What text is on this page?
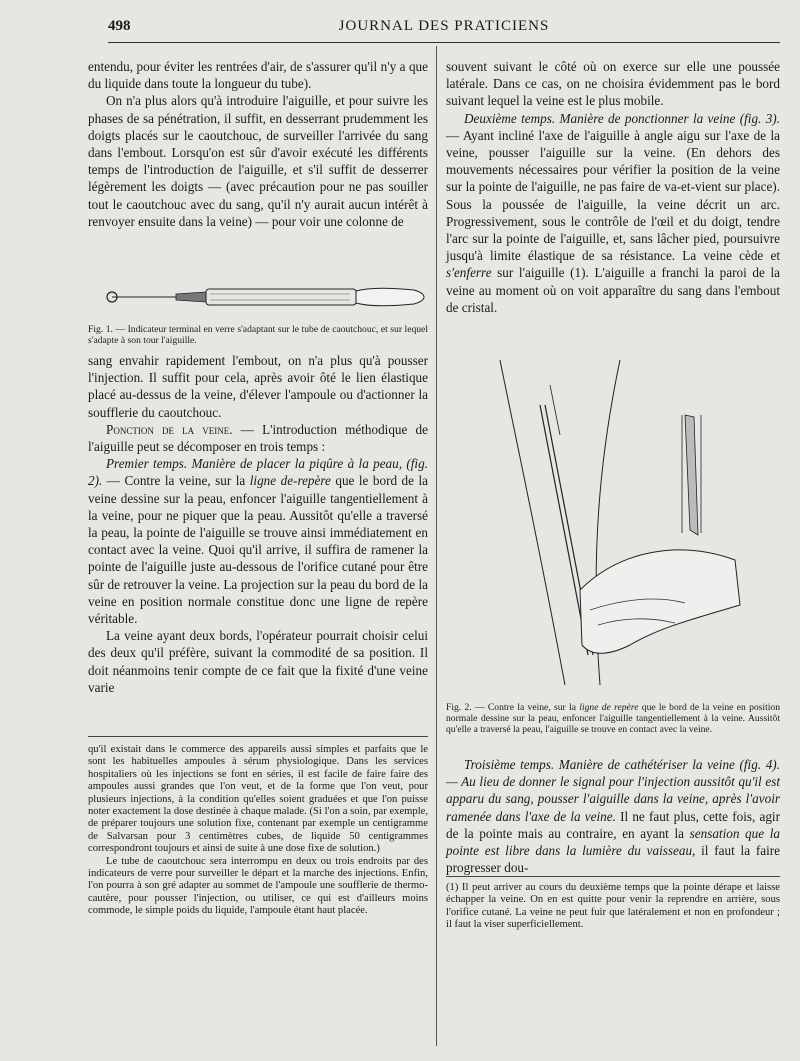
498	JOURNAL DES PRATICIENS

entendu, pour éviter les rentrées d'air, de s'assurer qu'il n'y a que du liquide dans toute la longueur du tube).

On n'a plus alors qu'à introduire l'aiguille, et pour suivre les phases de sa pénétration, il suffit, en desserrant prudemment les doigts placés sur le caoutchouc, de surveiller l'arrivée du sang dans l'embout. Lorsqu'on est sûr d'avoir exécuté les différents temps de l'introduction de l'aiguille, et s'il suffit de desserrer légèrement les doigts — (avec précaution pour ne pas souiller tout le caoutchouc avec du sang, qu'il n'y aurait aucun intérêt à renvoyer ensuite dans la veine) — pour voir une colonne de

Fig. 1. — Indicateur terminal en verre s'adaptant sur le tube de caoutchouc, et sur lequel s'adapte à son tour l'aiguille.

sang envahir rapidement l'embout, on n'a plus qu'à pousser l'injection. Il suffit pour cela, après avoir ôté le lien élastique placé au-dessus de la veine, d'élever l'ampoule ou d'actionner la soufflerie du caoutchouc.

Ponction de la veine. — L'introduction méthodique de l'aiguille peut se décomposer en trois temps :

Premier temps. Manière de placer la piqûre à la peau, (fig. 2). — Contre la veine, sur la ligne de-repère que le bord de la veine dessine sur la peau, enfoncer l'aiguille tangentiellement à la veine, pour ne piquer que la peau. Aussitôt qu'elle a traversé la peau, la pointe de l'aiguille se trouve ainsi immédiatement en contact avec la veine. Quoi qu'il arrive, il suffira de ramener la pointe de l'aiguille juste au-dessous de l'orifice cutané pour être sûr de retrouver la veine. La projection sur la peau du bord de la veine en position normale constitue donc une ligne de repère véritable.

La veine ayant deux bords, l'opérateur pourrait choisir celui des deux qu'il préfère, suivant la commodité de sa position. Il doit néanmoins tenir compte de ce fait que la fixité d'une veine varie

qu'il existait dans le commerce des appareils aussi simples et parfaits que le sont les habituelles ampoules à sérum physiologique. Dans les services hospitaliers où les injections se font en séries, il est facile de faire faire des ampoules aussi grandes que l'on veut, et de la forme que l'on veut, pour plusieurs injections, à la condition qu'elles soient graduées et que l'on puisse noter exactement la dose destinée à chaque malade. (Si l'on a soin, par exemple, de préparer toujours une solution fixe, contenant par exemple un centigramme de Salvarsan pour 3 centimètres cubes, de liquide 50 centigrammes correspondront toujours et ainsi de suite à une dose fixe de solution.)

Le tube de caoutchouc sera interrompu en deux ou trois endroits par des indicateurs de verre pour surveiller le départ et la marche des injections. Enfin, l'on pourra à son gré adapter au sommet de l'ampoule une soufflerie de thermo-cautère, pour pousser l'injection, ou utiliser, ce qui est d'ailleurs moins commode, le simple poids du liquide, l'ampoule étant haut placée.

souvent suivant le côté où on exerce sur elle une poussée latérale. Dans ce cas, on ne choisira évidemment pas le bord suivant lequel la veine est le plus mobile.

Deuxième temps. Manière de ponctionner la veine (fig. 3). — Ayant incliné l'axe de l'aiguille à angle aigu sur l'axe de la veine, pousser l'aiguille sur la veine. (En dehors des mouvements nécessaires pour vérifier la position de la veine sur la pointe de l'aiguille, ne pas faire de va-et-vient sur place). Sous la poussée de l'aiguille, la veine décrit un arc. Progressivement, sous le contrôle de l'œil et du doigt, tendre l'arc sur la pointe de l'aiguille, et, sans lâcher pied, poursuivre jusqu'à limite élastique de sa résistance. La veine cède et s'enferre sur l'aiguille (1). L'aiguille a franchi la paroi de la veine au moment où on voit apparaître du sang dans l'embout de cristal.

Fig. 2. — Contre la veine, sur la ligne de repère que le bord de la veine en position normale dessine sur la peau, enfoncer l'aiguille tangentiellement à la veine. Aussitôt qu'elle a traversé la peau, l'aiguille se trouve en contact avec la veine.

Troisième temps. Manière de cathétériser la veine (fig. 4). — Au lieu de donner le signal pour l'injection aussitôt qu'il est apparu du sang, pousser l'aiguille dans la veine, après l'avoir ramenée dans l'axe de la veine. Il ne faut plus, cette fois, agir de la pointe mais au contraire, en ayant la sensation que la pointe est libre dans la lumière du vaisseau, il faut la faire progresser dou-

(1) Il peut arriver au cours du deuxième temps que la pointe dérape et laisse échapper la veine. On en est quitte pour venir la reprendre en arrière, sous l'orifice cutané. La veine ne peut fuir que latéralement et non en profondeur ; il faut la viser superficiellement.
